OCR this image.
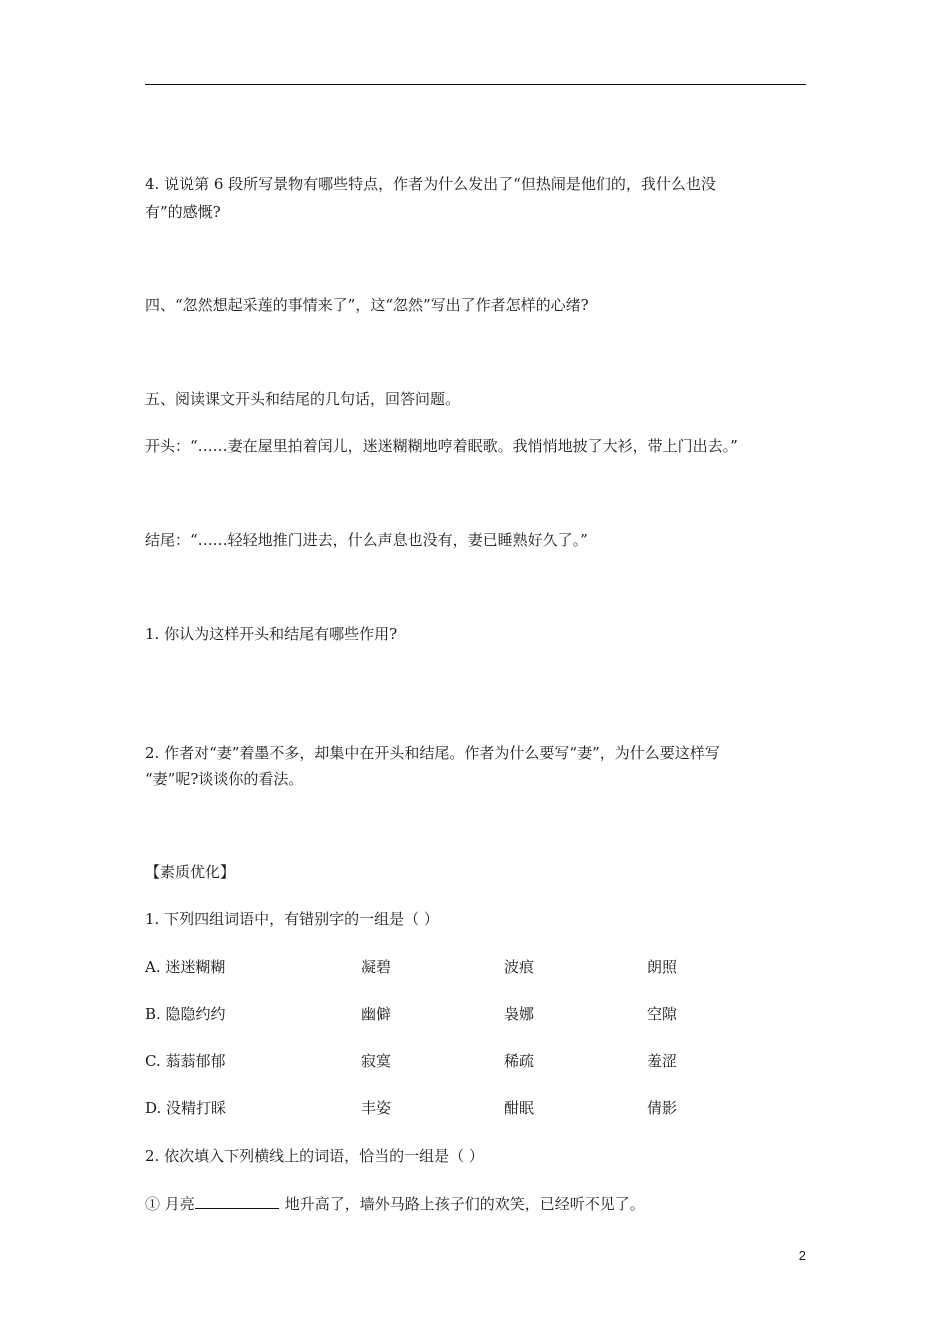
4. 说说第 6 段所写景物有哪些特点，作者为什么发出了“但热闹是他们的，我什么也没
有”的感慨?
四、“忽然想起采莲的事情来了”，这“忽然”写出了作者怎样的心绪?
五、阅读课文开头和结尾的几句话，回答问题。
开头：“……妻在屋里拍着闰儿，迷迷糊糊地哼着眠歌。我悄悄地披了大衫，带上门出去。”
结尾：“……轻轻地推门进去，什么声息也没有，妻已睡熟好久了。”
1. 你认为这样开头和结尾有哪些作用?
2. 作者对“妻”着墨不多，却集中在开头和结尾。作者为什么要写“妻”，为什么要这样写
“妻”呢?谈谈你的看法。
【素质优化】
1. 下列四组词语中，有错别字的一组是（ ）
A. 迷迷糊糊	凝碧	波痕	朗照
B. 隐隐约约	幽僻	袅娜	空隙
C. 蓊蓊郁郁	寂寞	稀疏	羞涩
D. 没精打睬	丰姿	酣眠	倩影
2. 依次填入下列横线上的词语，恰当的一组是（ ）
① 月亮	地升高了，墙外马路上孩子们的欢笑，已经听不见了。
2
